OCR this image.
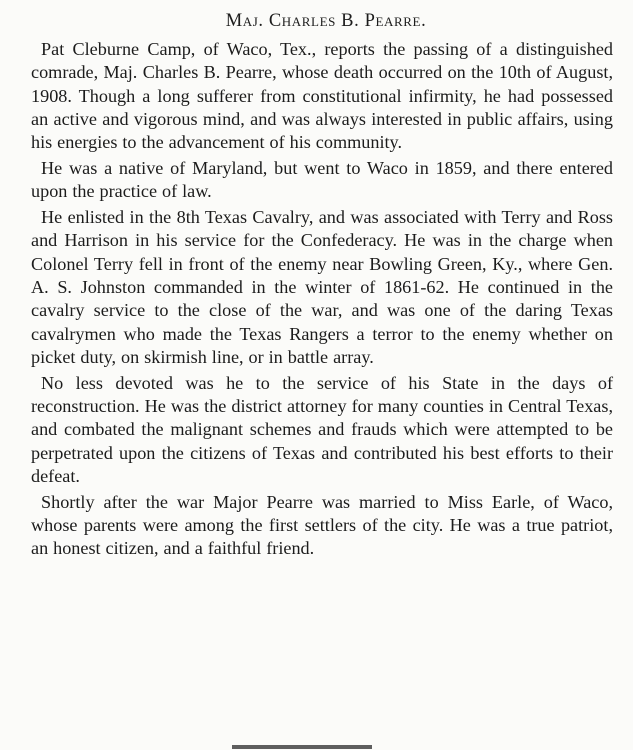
Maj. Charles B. Pearre.

Pat Cleburne Camp, of Waco, Tex., reports the passing of a distinguished comrade, Maj. Charles B. Pearre, whose death occurred on the 10th of August, 1908. Though a long sufferer from constitutional infirmity, he had possessed an active and vigorous mind, and was always interested in public affairs, using his energies to the advancement of his community.

He was a native of Maryland, but went to Waco in 1859, and there entered upon the practice of law.

He enlisted in the 8th Texas Cavalry, and was associated with Terry and Ross and Harrison in his service for the Confederacy. He was in the charge when Colonel Terry fell in front of the enemy near Bowling Green, Ky., where Gen. A. S. Johnston commanded in the winter of 1861-62. He continued in the cavalry service to the close of the war, and was one of the daring Texas cavalrymen who made the Texas Rangers a terror to the enemy whether on picket duty, on skirmish line, or in battle array.

No less devoted was he to the service of his State in the days of reconstruction. He was the district attorney for many counties in Central Texas, and combated the malignant schemes and frauds which were attempted to be perpetrated upon the citizens of Texas and contributed his best efforts to their defeat.

Shortly after the war Major Pearre was married to Miss Earle, of Waco, whose parents were among the first settlers of the city. He was a true patriot, an honest citizen, and a faithful friend.
